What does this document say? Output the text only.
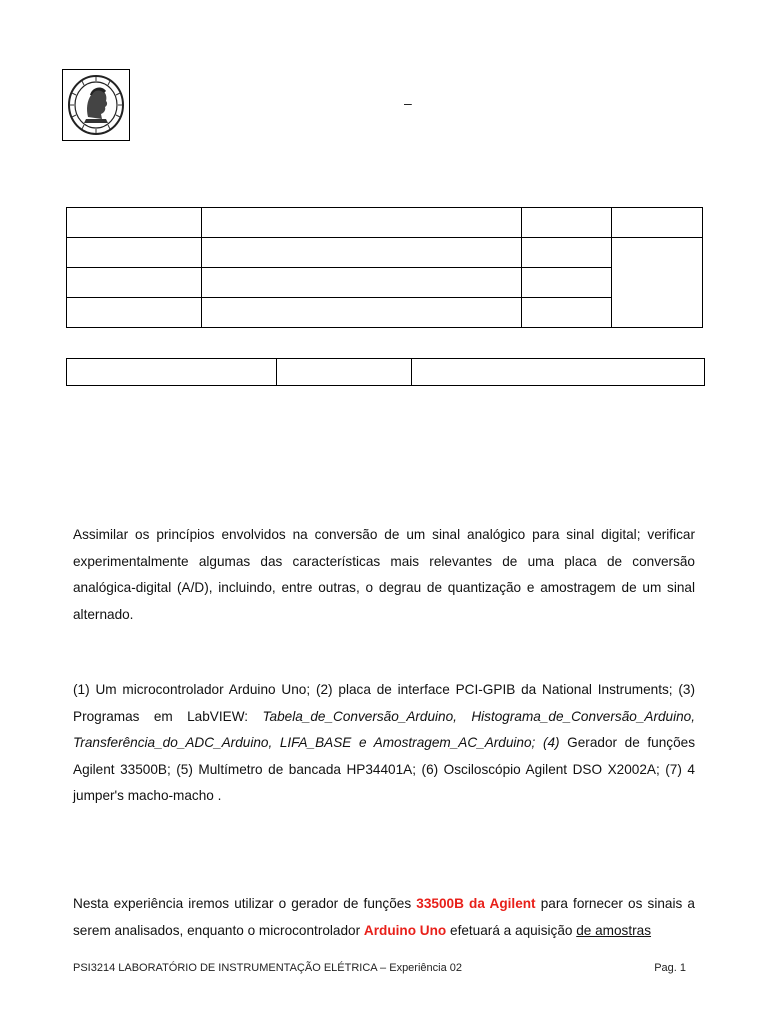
–

Assimilar os princípios envolvidos na conversão de um sinal analógico para sinal digital; verificar experimentalmente algumas das características mais relevantes de uma placa de conversão analógica-digital (A/D), incluindo, entre outras, o degrau de quantização e amostragem de um sinal alternado.

(1) Um microcontrolador Arduino Uno; (2) placa de interface PCI-GPIB da National Instruments; (3) Programas em LabVIEW: Tabela_de_Conversão_Arduino, Histograma_de_Conversão_Arduino, Transferência_do_ADC_Arduino, LIFA_BASE e Amostragem_AC_Arduino; (4) Gerador de funções Agilent 33500B; (5) Multímetro de bancada HP34401A; (6) Osciloscópio Agilent DSO X2002A; (7) 4 jumper's macho-macho .

Nesta experiência iremos utilizar o gerador de funções 33500B da Agilent para fornecer os sinais a serem analisados, enquanto o microcontrolador Arduino Uno efetuará a aquisição de amostras

PSI3214 LABORATÓRIO DE INSTRUMENTAÇÃO ELÉTRICA – Experiência 02	Pag. 1
